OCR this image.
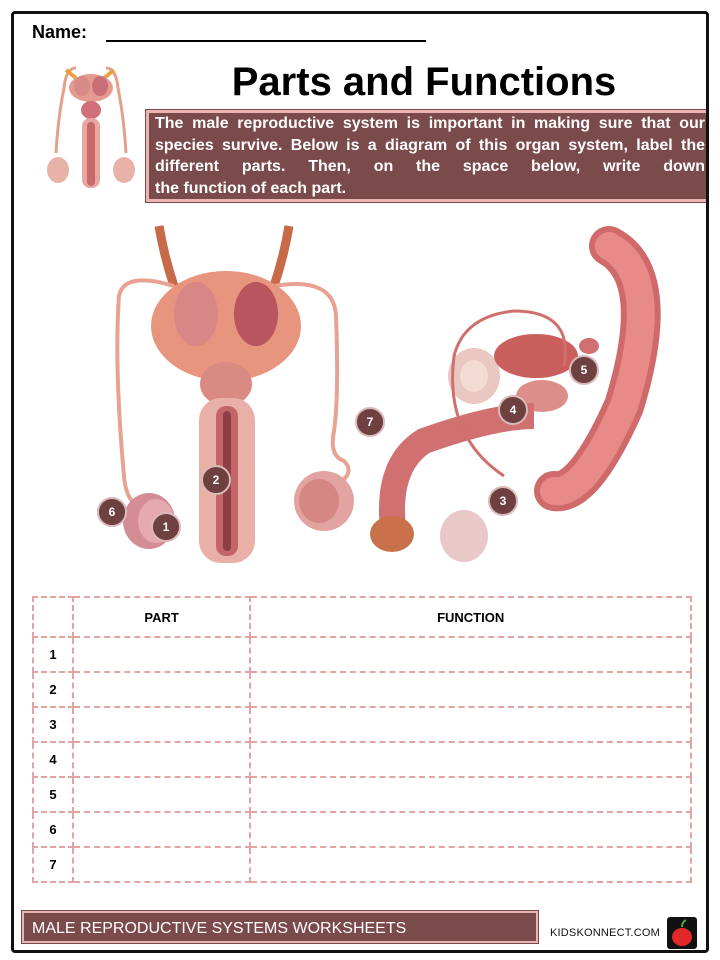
Name:
Parts and Functions
The male reproductive system is important in making sure that our species survive. Below is a diagram of this organ system, label the different parts. Then, on the space below, write down
the function of each part.
1
2
3
4
5
6
7
	PART	FUNCTION
1		
2		
3		
4		
5		
6		
7		
MALE REPRODUCTIVE SYSTEMS WORKSHEETS	KIDSKONNECT.COM
